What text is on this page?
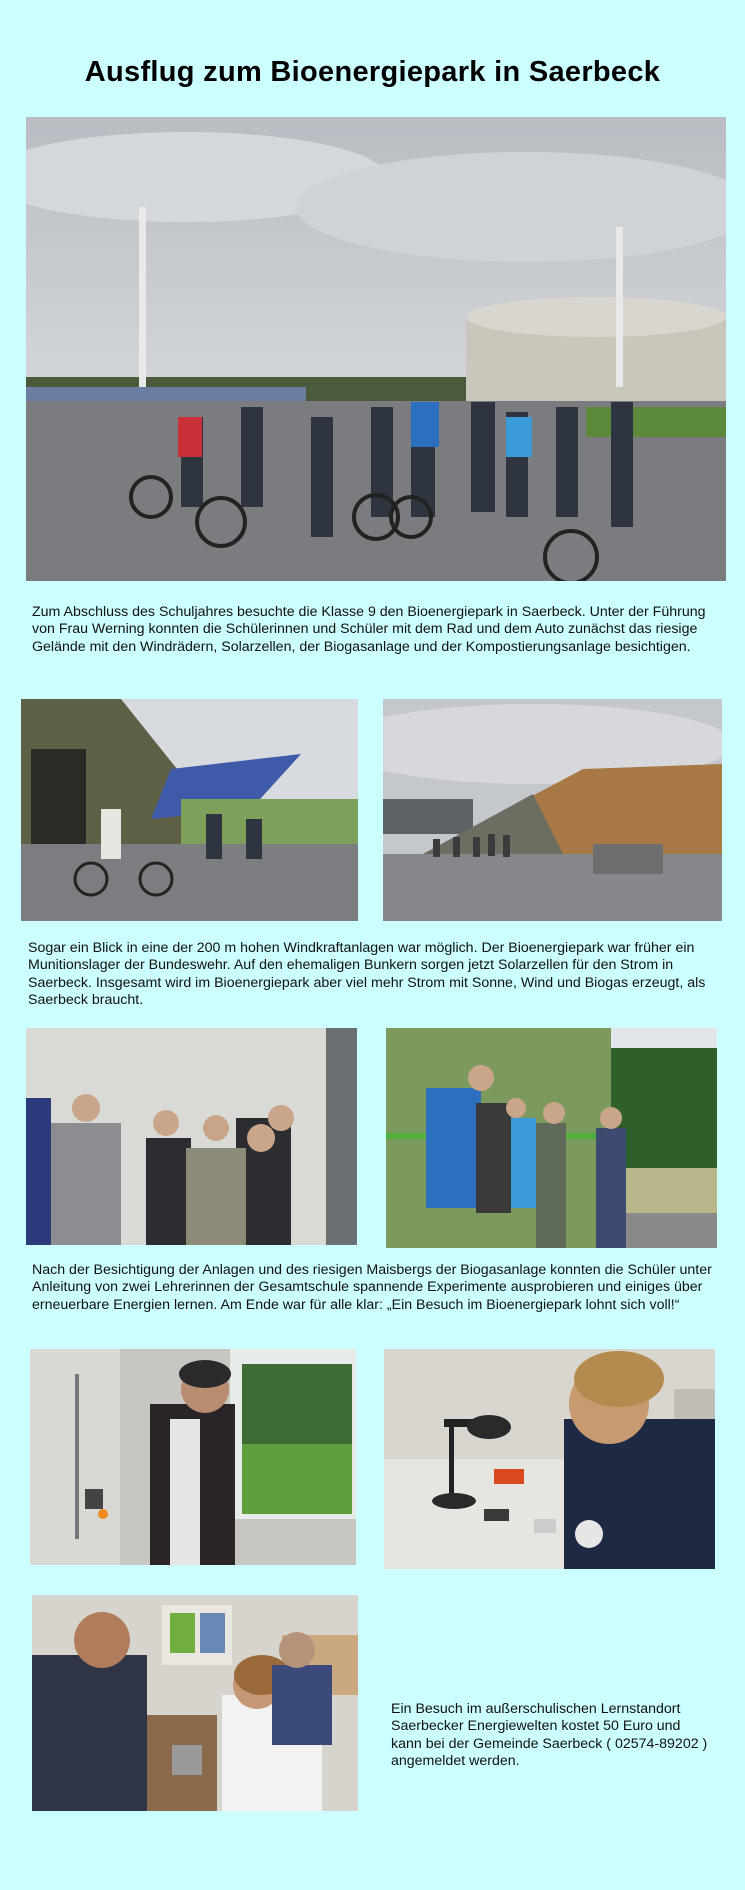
Ausflug zum Bioenergiepark in Saerbeck
Zum Abschluss des Schuljahres besuchte die Klasse 9 den Bioenergiepark in Saerbeck. Unter der Führung von Frau Werning konnten die Schülerinnen und Schüler mit dem Rad und dem Auto zunächst das riesige Gelände mit den Windrädern, Solarzellen, der Biogasanlage und der Kompostierungsanlage besichtigen.
Sogar ein Blick in eine der 200 m hohen Windkraftanlagen war möglich. Der Bioenergiepark war früher ein Munitionslager der Bundeswehr. Auf den ehemaligen Bunkern sorgen jetzt Solarzellen für den Strom in Saerbeck. Insgesamt wird im Bioenergiepark aber viel mehr Strom mit Sonne, Wind und Biogas erzeugt, als Saerbeck braucht.
Nach der Besichtigung der Anlagen und des riesigen Maisbergs der Biogasanlage konnten die Schüler unter Anleitung von zwei Lehrerinnen der Gesamtschule spannende Experimente ausprobieren und einiges über erneuerbare Energien lernen. Am Ende war für alle klar: „Ein Besuch im Bioenergiepark lohnt sich voll!“
Ein Besuch im außerschulischen Lernstandort Saerbecker Energiewelten kostet 50 Euro und kann bei der Gemeinde Saerbeck ( 02574-89202 ) angemeldet werden.
